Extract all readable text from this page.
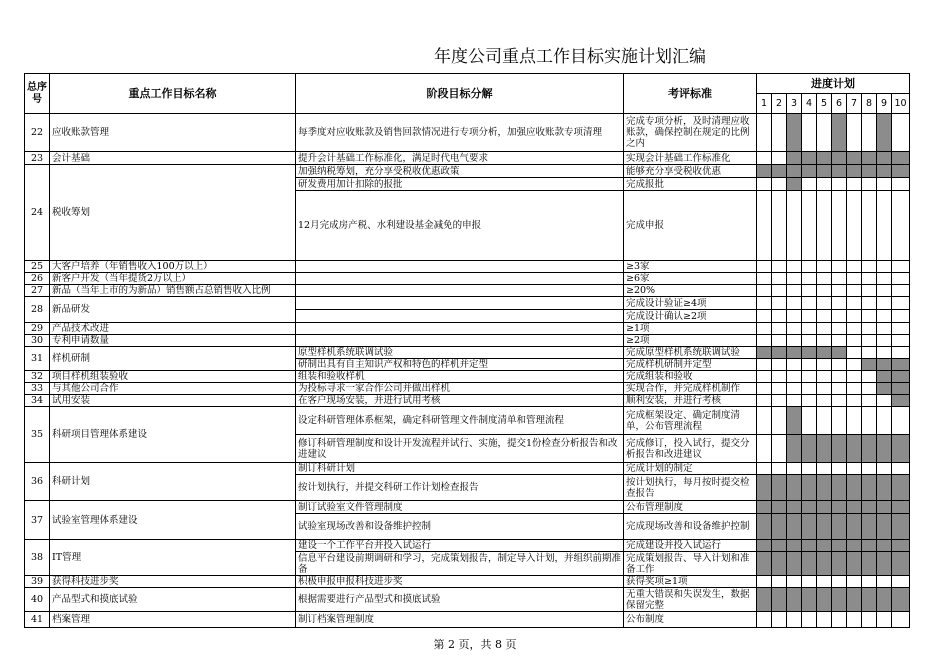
年度公司重点工作目标实施计划汇编
总序号	重点工作目标名称	阶段目标分解	考评标准	进度计划									
				1	2	3	4	5	6	7	8	9	10
22	应收账款管理	每季度对应收账款及销售回款情况进行专项分析，加强应收账款专项清理	完成专项分析，及时清理应收账款，确保控制在规定的比例之内										
23	会计基础	提升会计基础工作标准化，满足时代电气要求	实现会计基础工作标准化										
24	税收筹划	加强纳税筹划，充分享受税收优惠政策	能够充分享受税收优惠										
		研发费用加计扣除的报批	完成报批										
		12月完成房产税、水利建设基金减免的申报	完成申报										
25	大客户培养（年销售收入100万以上）		≥3家										
26	新客户开发（当年提货2万以上）		≥6家										
27	新品（当年上市的为新品）销售额占总销售收入比例		≥20%										
28	新品研发		完成设计验证≥4项										
			完成设计确认≥2项										
29	产品技术改进		≥1项										
30	专利申请数量		≥2项										
31	样机研制	原型样机系统联调试验	完成原型样机系统联调试验										
		研制出具有自主知识产权和特色的样机并定型	完成样机研制并定型										
32	项目样机组装验收	组装和验收样机	完成组装和验收										
33	与其他公司合作	为投标寻求一家合作公司并做出样机	实现合作，并完成样机制作										
34	试用安装	在客户现场安装，并进行试用考核	顺利安装，并进行考核										
35	科研项目管理体系建设	设定科研管理体系框架，确定科研管理文件制度清单和管理流程	完成框架设定、确定制度清单，公布管理流程										
		修订科研管理制度和设计开发流程并试行、实施，提交1份检查分析报告和改进建议	完成修订，投入试行，提交分析报告和改进建议										
36	科研计划	制订科研计划	完成计划的制定										
		按计划执行，并提交科研工作计划检查报告	按计划执行，每月按时提交检查报告										
37	试验室管理体系建设	制订试验室文件管理制度	公布管理制度										
		试验室现场改善和设备维护控制	完成现场改善和设备维护控制										
38	IT管理	建设一个工作平台并投入试运行	完成建设并投入试运行										
		信息平台建设前期调研和学习，完成策划报告，制定导入计划，并组织前期准备	完成策划报告、导入计划和准备工作										
39	获得科技进步奖	积极申报申报科技进步奖	获得奖项≥1项										
40	产品型式和摸底试验	根据需要进行产品型式和摸底试验	无重大错误和失误发生，数据保留完整										
41	档案管理	制订档案管理制度	公布制度										
第 2 页，共 8 页
